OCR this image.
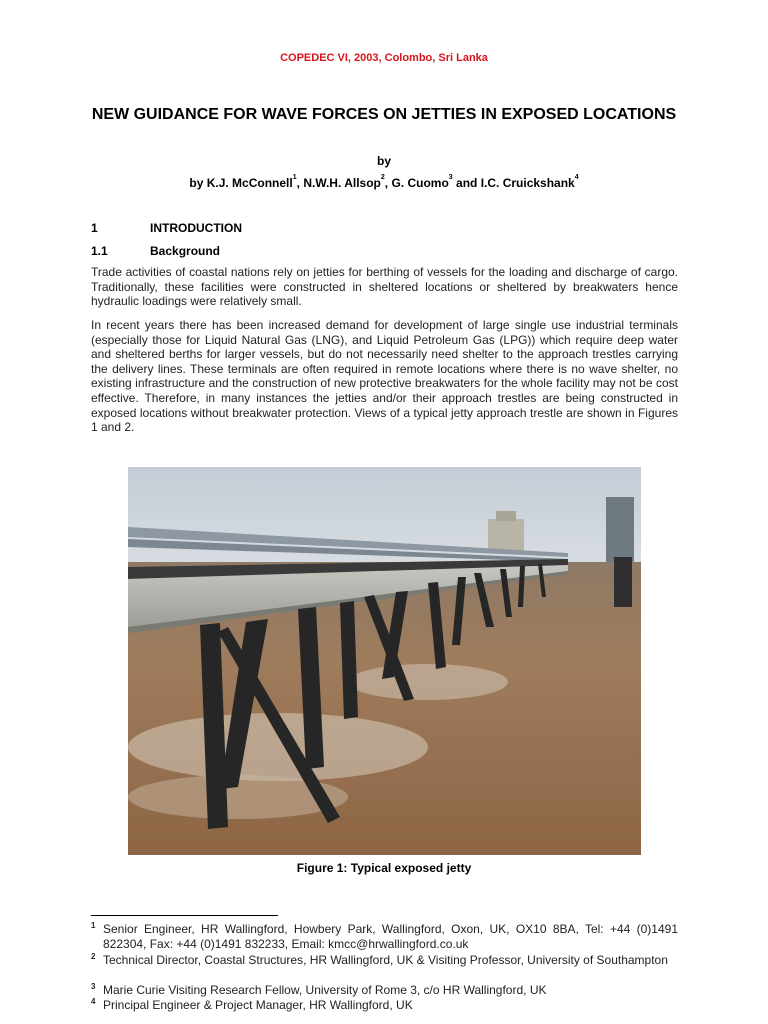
COPEDEC VI, 2003, Colombo, Sri Lanka
NEW GUIDANCE FOR WAVE FORCES ON JETTIES IN EXPOSED LOCATIONS
by
by K.J. McConnell$^1$, N.W.H. Allsop$^2$, G. Cuomo$^3$ and I.C. Cruickshank$^4$
1	INTRODUCTION
1.1	Background

Trade activities of coastal nations rely on jetties for berthing of vessels for the loading and discharge of cargo. Traditionally, these facilities were constructed in sheltered locations or sheltered by breakwaters hence hydraulic loadings were relatively small.

In recent years there has been increased demand for development of large single use industrial terminals (especially those for Liquid Natural Gas (LNG), and Liquid Petroleum Gas (LPG)) which require deep water and sheltered berths for larger vessels, but do not necessarily need shelter to the approach trestles carrying the delivery lines. These terminals are often required in remote locations where there is no wave shelter, no existing infrastructure and the construction of new protective breakwaters for the whole facility may not be cost effective. Therefore, in many instances the jetties and/or their approach trestles are being constructed in exposed locations without breakwater protection. Views of a typical jetty approach trestle are shown in Figures 1 and 2.

Figure 1: Typical exposed jetty
1 Senior Engineer, HR Wallingford, Howbery Park, Wallingford, Oxon, UK, OX10 8BA, Tel: +44 (0)1491 822304, Fax: +44 (0)1491 832233, Email: kmcc@hrwallingford.co.uk
2 Technical Director, Coastal Structures, HR Wallingford, UK & Visiting Professor, University of Southampton
3 Marie Curie Visiting Research Fellow, University of Rome 3, c/o HR Wallingford, UK
4 Principal Engineer & Project Manager, HR Wallingford, UK
